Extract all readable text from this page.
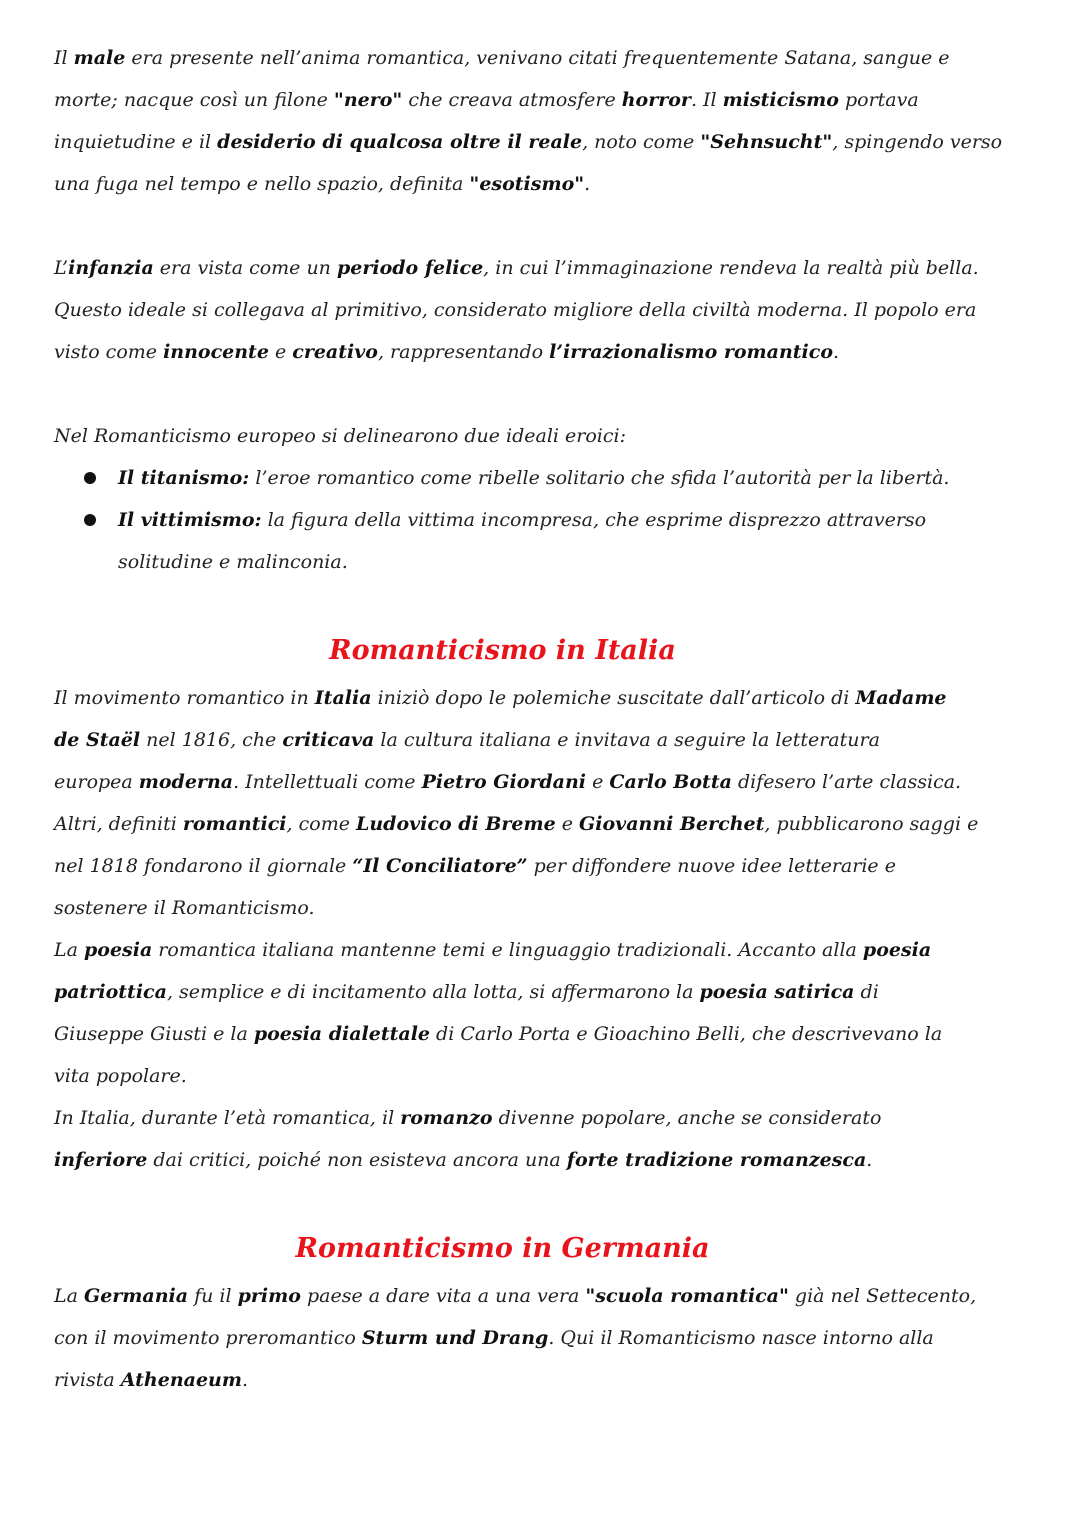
Il male era presente nell’anima romantica, venivano citati frequentemente Satana, sangue e
morte; nacque così un filone "nero" che creava atmosfere horror. Il misticismo portava
inquietudine e il desiderio di qualcosa oltre il reale, noto come "Sehnsucht", spingendo verso
una fuga nel tempo e nello spazio, definita "esotismo".
L’infanzia era vista come un periodo felice, in cui l’immaginazione rendeva la realtà più bella.
Questo ideale si collegava al primitivo, considerato migliore della civiltà moderna. Il popolo era
visto come innocente e creativo, rappresentando l’irrazionalismo romantico.
Nel Romanticismo europeo si delinearono due ideali eroici:
Il titanismo: l’eroe romantico come ribelle solitario che sfida l’autorità per la libertà.
Il vittimismo: la figura della vittima incompresa, che esprime disprezzo attraverso
solitudine e malinconia.
Romanticismo in Italia
Il movimento romantico in Italia iniziò dopo le polemiche suscitate dall’articolo di Madame
de Staël nel 1816, che criticava la cultura italiana e invitava a seguire la letteratura
europea moderna. Intellettuali come Pietro Giordani e Carlo Botta difesero l’arte classica.
Altri, definiti romantici, come Ludovico di Breme e Giovanni Berchet, pubblicarono saggi e
nel 1818 fondarono il giornale “Il Conciliatore” per diffondere nuove idee letterarie e
sostenere il Romanticismo.
La poesia romantica italiana mantenne temi e linguaggio tradizionali. Accanto alla poesia
patriottica, semplice e di incitamento alla lotta, si affermarono la poesia satirica di
Giuseppe Giusti e la poesia dialettale di Carlo Porta e Gioachino Belli, che descrivevano la
vita popolare.
In Italia, durante l’età romantica, il romanzo divenne popolare, anche se considerato
inferiore dai critici, poiché non esisteva ancora una forte tradizione romanzesca.
Romanticismo in Germania
La Germania fu il primo paese a dare vita a una vera "scuola romantica" già nel Settecento,
con il movimento preromantico Sturm und Drang. Qui il Romanticismo nasce intorno alla
rivista Athenaeum.
